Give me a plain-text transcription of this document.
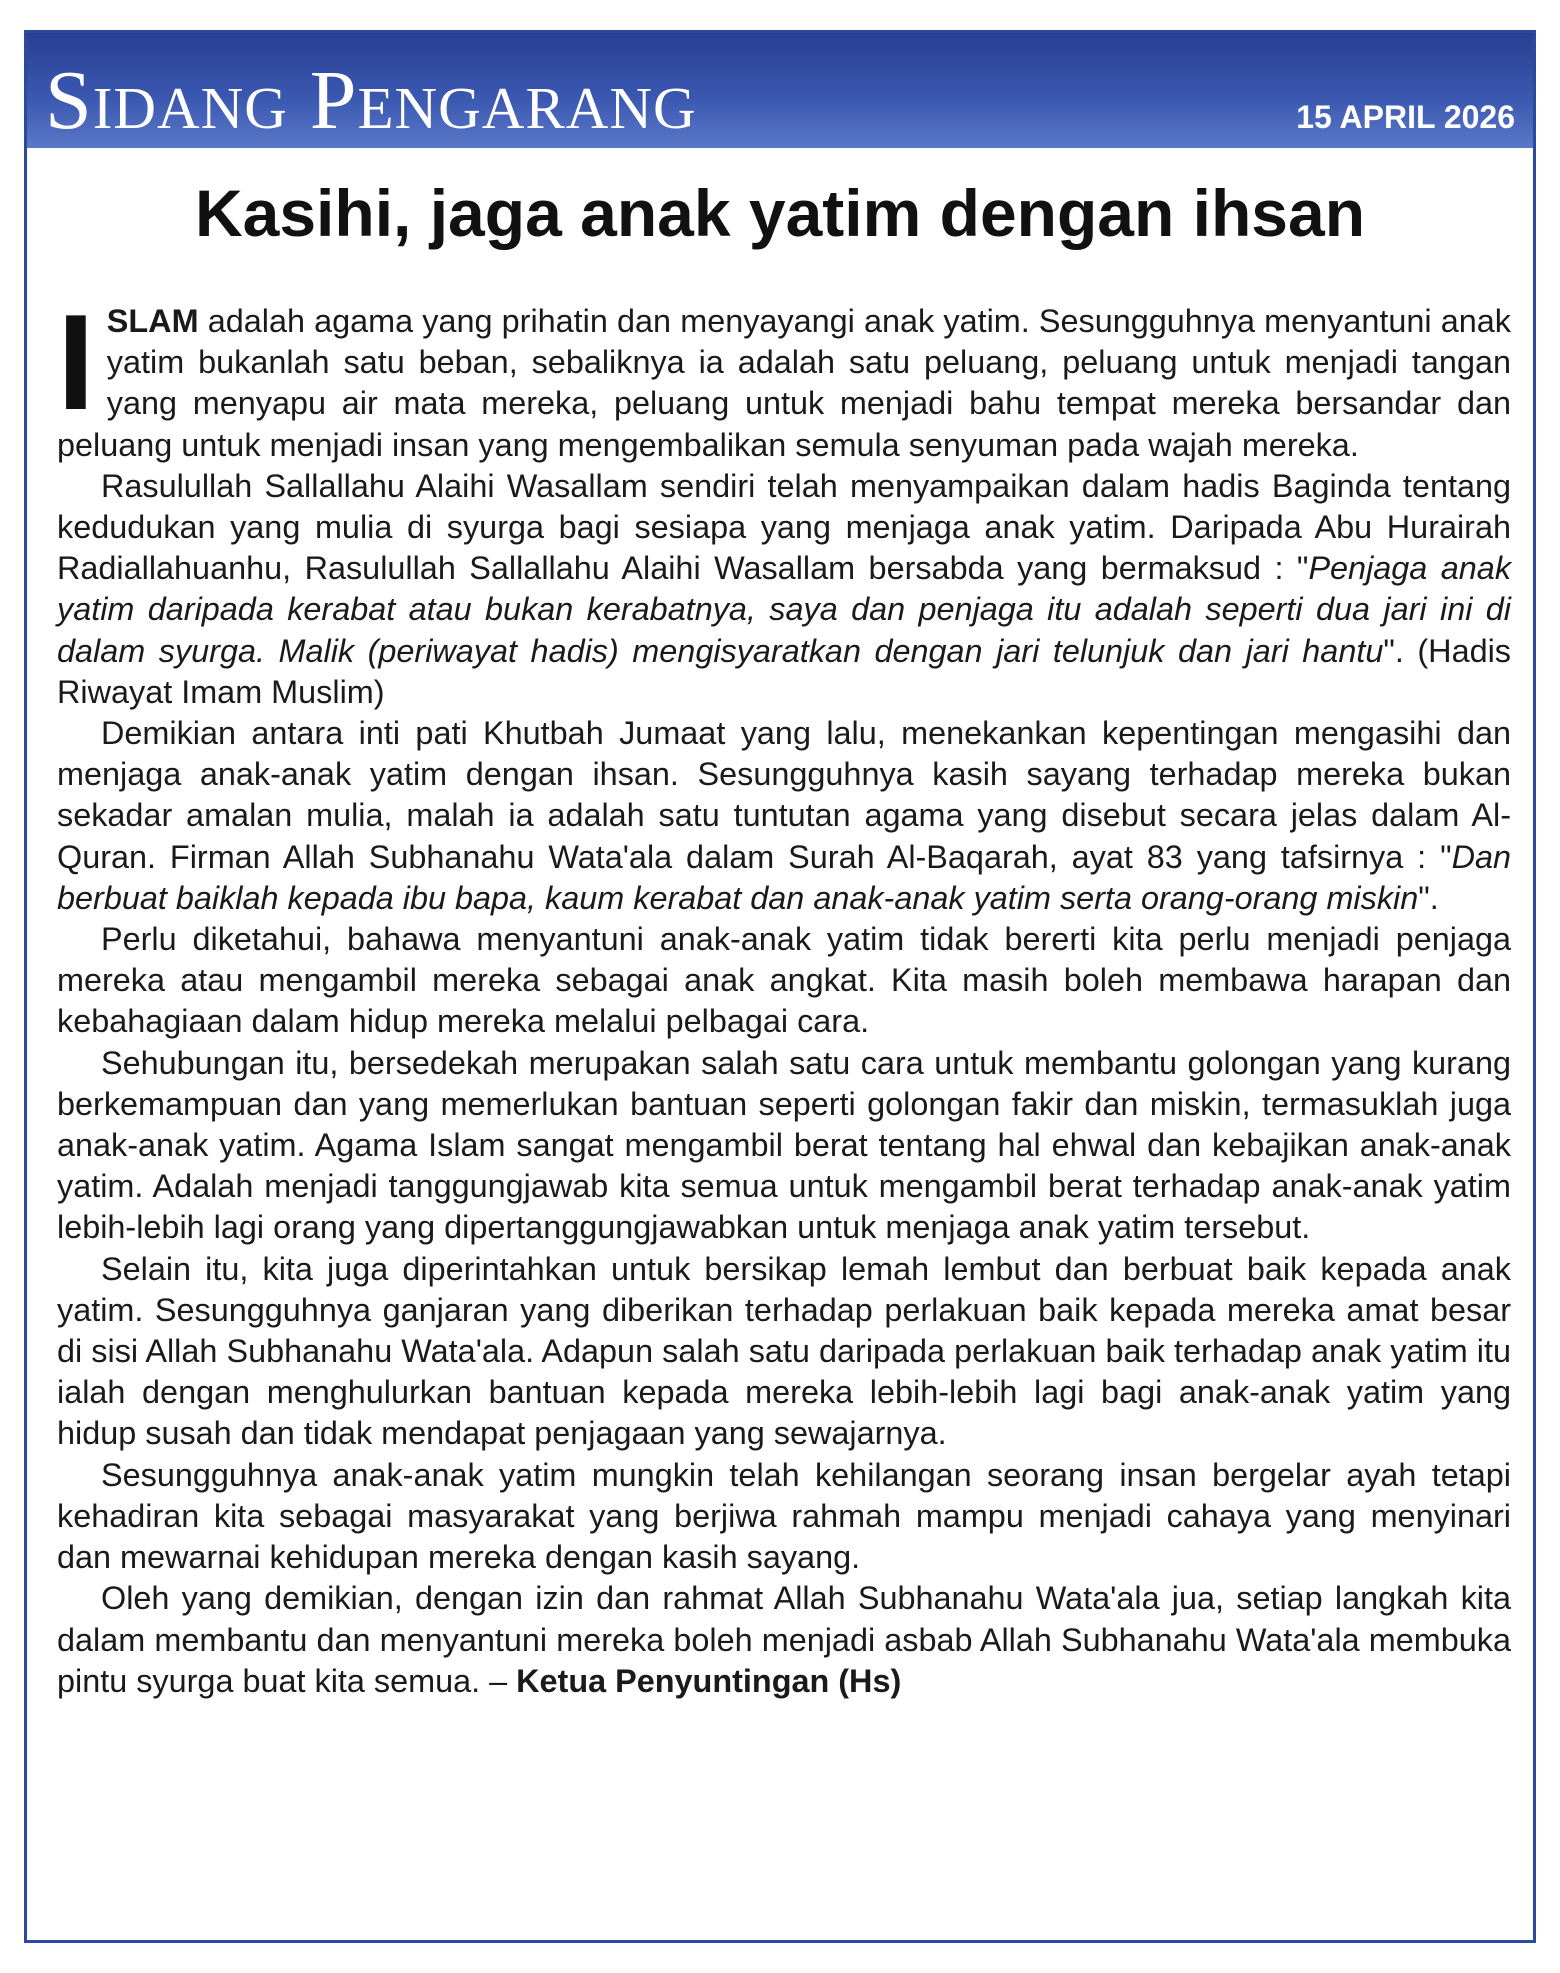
Sidang Pengarang	15 APRIL 2026
Kasihi, jaga anak yatim dengan ihsan

ISLAM adalah agama yang prihatin dan menyayangi anak yatim. Sesungguhnya menyantuni anak yatim bukanlah satu beban, sebaliknya ia adalah satu peluang, peluang untuk menjadi tangan yang menyapu air mata mereka, peluang untuk menjadi bahu tempat mereka bersandar dan peluang untuk menjadi insan yang mengembalikan semula senyuman pada wajah mereka.

Rasulullah Sallallahu Alaihi Wasallam sendiri telah menyampaikan dalam hadis Baginda tentang kedudukan yang mulia di syurga bagi sesiapa yang menjaga anak yatim. Daripada Abu Hurairah Radiallahuanhu, Rasulullah Sallallahu Alaihi Wasallam bersabda yang bermaksud : "Penjaga anak yatim daripada kerabat atau bukan kerabatnya, saya dan penjaga itu adalah seperti dua jari ini di dalam syurga. Malik (periwayat hadis) mengisyaratkan dengan jari telunjuk dan jari hantu". (Hadis Riwayat Imam Muslim)

Demikian antara inti pati Khutbah Jumaat yang lalu, menekankan kepentingan mengasihi dan menjaga anak-anak yatim dengan ihsan. Sesungguhnya kasih sayang terhadap mereka bukan sekadar amalan mulia, malah ia adalah satu tuntutan agama yang disebut secara jelas dalam Al-Quran. Firman Allah Subhanahu Wata'ala dalam Surah Al-Baqarah, ayat 83 yang tafsirnya : "Dan berbuat baiklah kepada ibu bapa, kaum kerabat dan anak-anak yatim serta orang-orang miskin".

Perlu diketahui, bahawa menyantuni anak-anak yatim tidak bererti kita perlu menjadi penjaga mereka atau mengambil mereka sebagai anak angkat. Kita masih boleh membawa harapan dan kebahagiaan dalam hidup mereka melalui pelbagai cara.

Sehubungan itu, bersedekah merupakan salah satu cara untuk membantu golongan yang kurang berkemampuan dan yang memerlukan bantuan seperti golongan fakir dan miskin, termasuklah juga anak-anak yatim. Agama Islam sangat mengambil berat tentang hal ehwal dan kebajikan anak-anak yatim. Adalah menjadi tanggungjawab kita semua untuk mengambil berat terhadap anak-anak yatim lebih-lebih lagi orang yang dipertanggungjawabkan untuk menjaga anak yatim tersebut.

Selain itu, kita juga diperintahkan untuk bersikap lemah lembut dan berbuat baik kepada anak yatim. Sesungguhnya ganjaran yang diberikan terhadap perlakuan baik kepada mereka amat besar di sisi Allah Subhanahu Wata'ala. Adapun salah satu daripada perlakuan baik terhadap anak yatim itu ialah dengan menghulurkan bantuan kepada mereka lebih-lebih lagi bagi anak-anak yatim yang hidup susah dan tidak mendapat penjagaan yang sewajarnya.

Sesungguhnya anak-anak yatim mungkin telah kehilangan seorang insan bergelar ayah tetapi kehadiran kita sebagai masyarakat yang berjiwa rahmah mampu menjadi cahaya yang menyinari dan mewarnai kehidupan mereka dengan kasih sayang.

Oleh yang demikian, dengan izin dan rahmat Allah Subhanahu Wata'ala jua, setiap langkah kita dalam membantu dan menyantuni mereka boleh menjadi asbab Allah Subhanahu Wata'ala membuka pintu syurga buat kita semua. – Ketua Penyuntingan (Hs)
